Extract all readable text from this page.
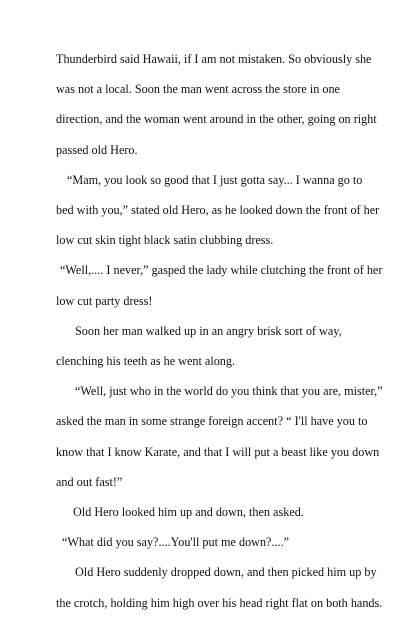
Thunderbird said Hawaii, if I am not mistaken. So obviously she
was not a local. Soon the man went across the store in one
direction, and the woman went around in the other, going on right
passed old Hero.
“Mam, you look so good that I just gotta say... I wanna go to
bed with you,” stated old Hero, as he looked down the front of her
low cut skin tight black satin clubbing dress.
“Well,.... I never,” gasped the lady while clutching the front of her
low cut party dress!
Soon her man walked up in an angry brisk sort of way,
clenching his teeth as he went along.
“Well, just who in the world do you think that you are, mister,”
asked the man in some strange foreign accent? “ I'll have you to
know that I know Karate, and that I will put a beast like you down
and out fast!”
Old Hero looked him up and down, then asked.
“What did you say?....You'll put me down?....”
Old Hero suddenly dropped down, and then picked him up by
the crotch, holding him high over his head right flat on both hands.
